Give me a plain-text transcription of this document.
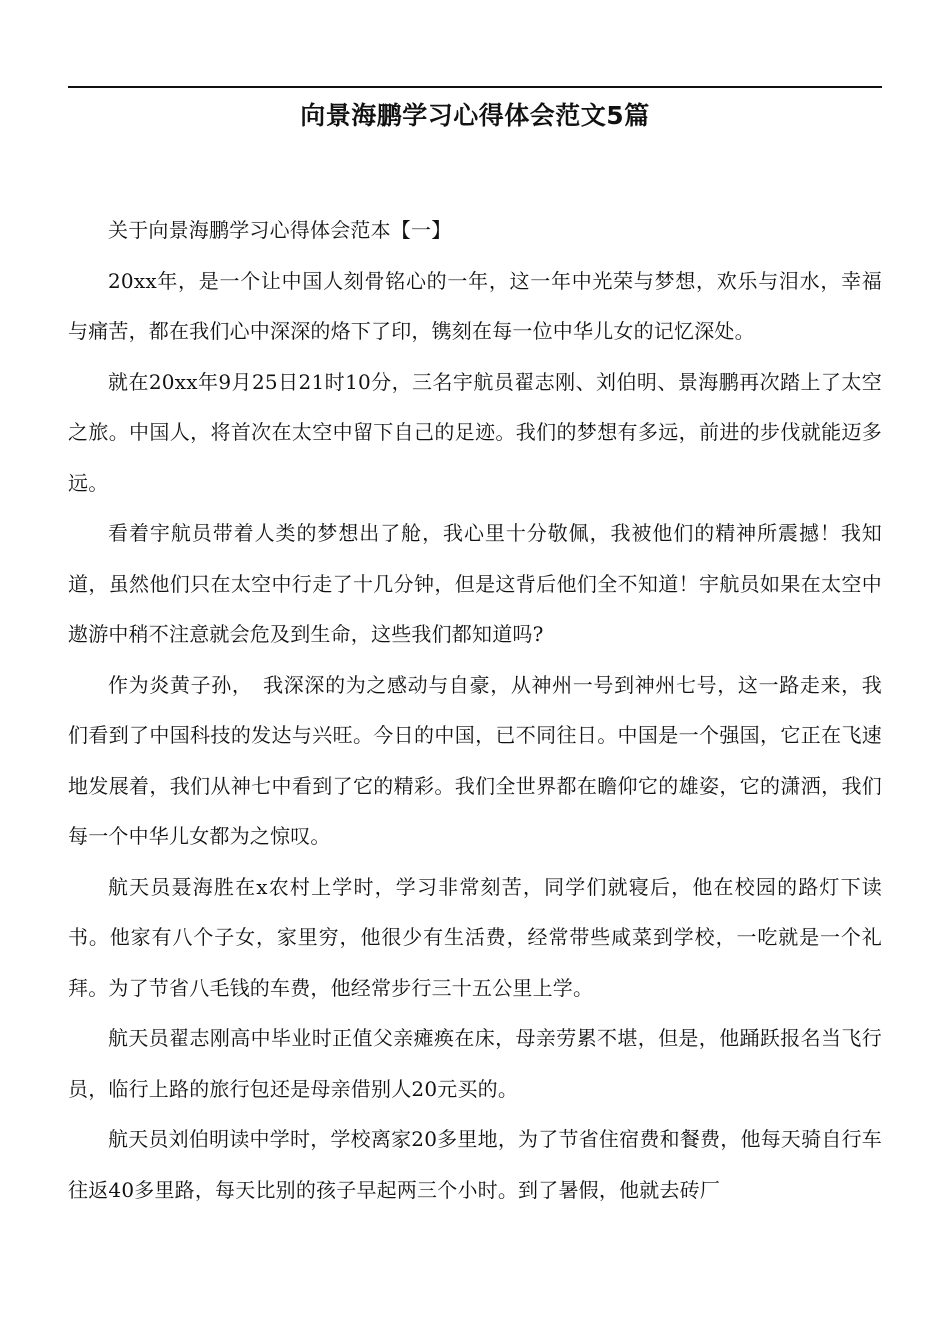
向景海鹏学习心得体会范文5篇

关于向景海鹏学习心得体会范本【一】

20xx年，是一个让中国人刻骨铭心的一年，这一年中光荣与梦想，欢乐与泪水，幸福与痛苦，都在我们心中深深的烙下了印，镌刻在每一位中华儿女的记忆深处。

就在20xx年9月25日21时10分，三名宇航员翟志刚、刘伯明、景海鹏再次踏上了太空之旅。中国人，将首次在太空中留下自己的足迹。我们的梦想有多远，前进的步伐就能迈多远。

看着宇航员带着人类的梦想出了舱，我心里十分敬佩，我被他们的精神所震撼！我知道，虽然他们只在太空中行走了十几分钟，但是这背后他们全不知道！宇航员如果在太空中遨游中稍不注意就会危及到生命，这些我们都知道吗?

作为炎黄子孙，　我深深的为之感动与自豪，从神州一号到神州七号，这一路走来，我们看到了中国科技的发达与兴旺。今日的中国，已不同往日。中国是一个强国，它正在飞速地发展着，我们从神七中看到了它的精彩。我们全世界都在瞻仰它的雄姿，它的潇洒，我们每一个中华儿女都为之惊叹。

航天员聂海胜在x农村上学时，学习非常刻苦，同学们就寝后，他在校园的路灯下读书。他家有八个子女，家里穷，他很少有生活费，经常带些咸菜到学校，一吃就是一个礼拜。为了节省八毛钱的车费，他经常步行三十五公里上学。

航天员翟志刚高中毕业时正值父亲瘫痪在床，母亲劳累不堪，但是，他踊跃报名当飞行员，临行上路的旅行包还是母亲借别人20元买的。

航天员刘伯明读中学时，学校离家20多里地，为了节省住宿费和餐费，他每天骑自行车往返40多里路，每天比别的孩子早起两三个小时。到了暑假，他就去砖厂
